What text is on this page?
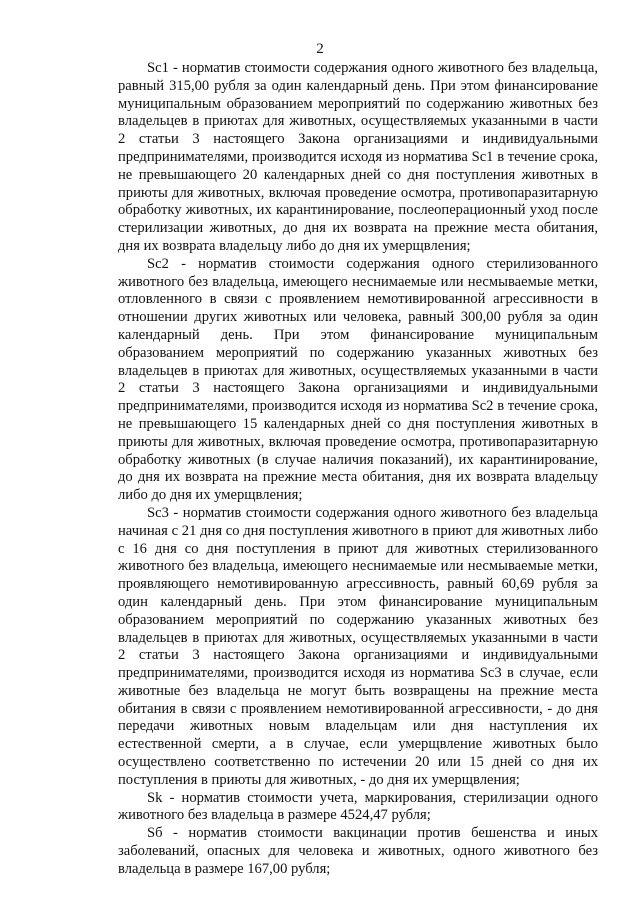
2

Sc1 - норматив стоимости содержания одного животного без владельца, равный 315,00 рубля за один календарный день. При этом финансирование муниципальным образованием мероприятий по содержанию животных без владельцев в приютах для животных, осуществляемых указанными в части 2 статьи 3 настоящего Закона организациями и индивидуальными предпринимателями, производится исходя из норматива Sc1 в течение срока, не превышающего 20 календарных дней со дня поступления животных в приюты для животных, включая проведение осмотра, противопаразитарную обработку животных, их карантинирование, послеоперационный уход после стерилизации животных, до дня их возврата на прежние места обитания, дня их возврата владельцу либо до дня их умерщвления;

Sc2 - норматив стоимости содержания одного стерилизованного животного без владельца, имеющего неснимаемые или несмываемые метки, отловленного в связи с проявлением немотивированной агрессивности в отношении других животных или человека, равный 300,00 рубля за один календарный день. При этом финансирование муниципальным образованием мероприятий по содержанию указанных животных без владельцев в приютах для животных, осуществляемых указанными в части 2 статьи 3 настоящего Закона организациями и индивидуальными предпринимателями, производится исходя из норматива Sc2 в течение срока, не превышающего 15 календарных дней со дня поступления животных в приюты для животных, включая проведение осмотра, противопаразитарную обработку животных (в случае наличия показаний), их карантинирование, до дня их возврата на прежние места обитания, дня их возврата владельцу либо до дня их умерщвления;

Sc3 - норматив стоимости содержания одного животного без владельца начиная с 21 дня со дня поступления животного в приют для животных либо с 16 дня со дня поступления в приют для животных стерилизованного животного без владельца, имеющего неснимаемые или несмываемые метки, проявляющего немотивированную агрессивность, равный 60,69 рубля за один календарный день. При этом финансирование муниципальным образованием мероприятий по содержанию указанных животных без владельцев в приютах для животных, осуществляемых указанными в части 2 статьи 3 настоящего Закона организациями и индивидуальными предпринимателями, производится исходя из норматива Sc3 в случае, если животные без владельца не могут быть возвращены на прежние места обитания в связи с проявлением немотивированной агрессивности, - до дня передачи животных новым владельцам или дня наступления их естественной смерти, а в случае, если умерщвление животных было осуществлено соответственно по истечении 20 или 15 дней со дня их поступления в приюты для животных, - до дня их умерщвления;

Sk - норматив стоимости учета, маркирования, стерилизации одного животного без владельца в размере 4524,47 рубля;

Sб - норматив стоимости вакцинации против бешенства и иных заболеваний, опасных для человека и животных, одного животного без владельца в размере 167,00 рубля;
